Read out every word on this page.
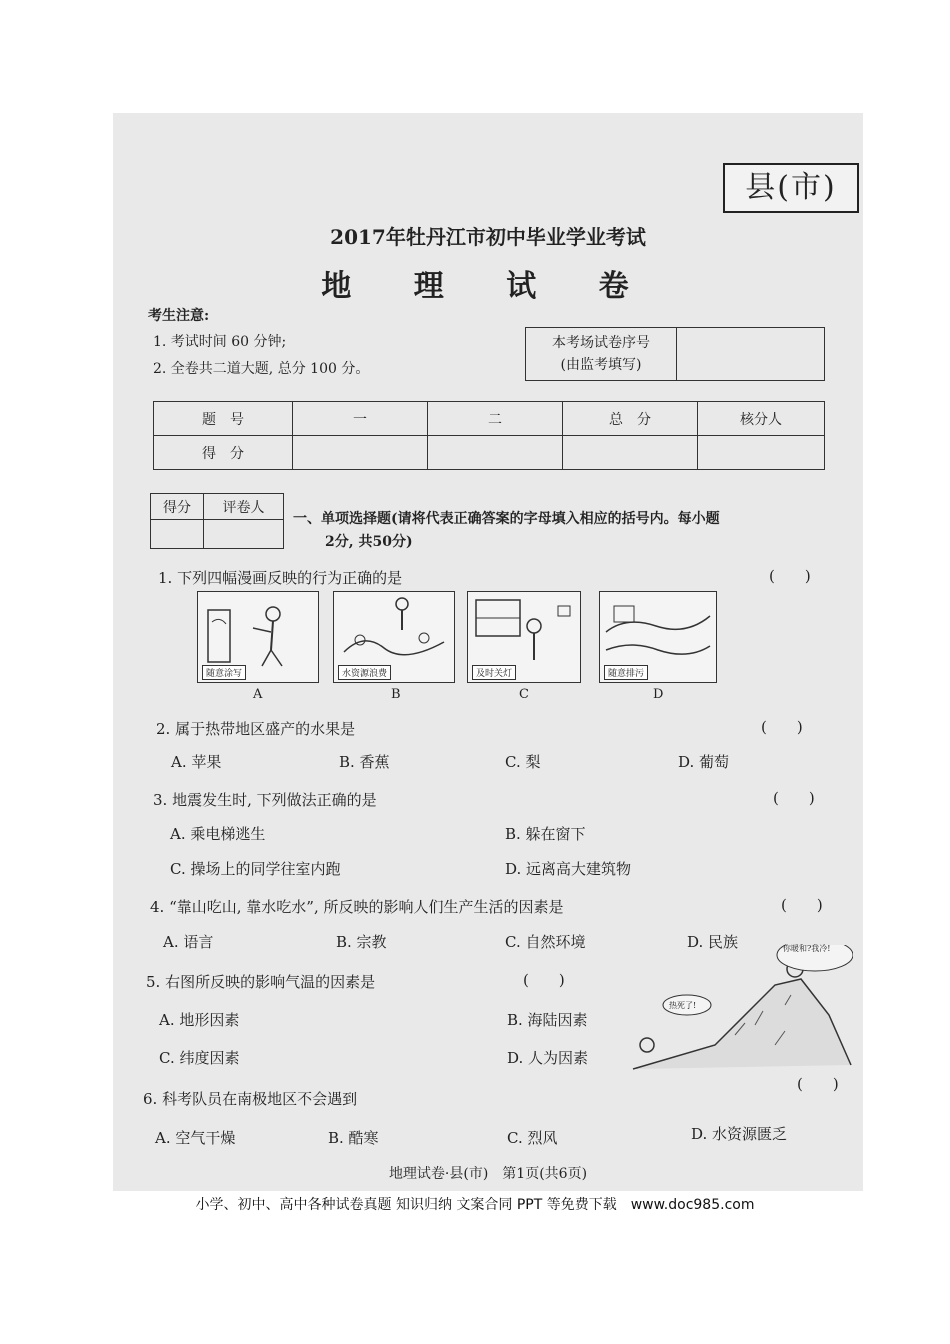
县(市)
2017年牡丹江市初中毕业学业考试
地 理 试 卷
考生注意:
1. 考试时间 60 分钟;
2. 全卷共二道大题, 总分 100 分。
本考场试卷序号
(由监考填写)

题　号	一	二	总　分	核分人
得　分				
得分	评卷人

一、单项选择题(请将代表正确答案的字母填入相应的括号内。每小题
2分, 共50分)
1. 下列四幅漫画反映的行为正确的是	(　　)
随意涂写	水资源浪费	及时关灯	随意排污
A	B	C	D
2. 属于热带地区盛产的水果是	(　　)
A. 苹果	B. 香蕉	C. 梨	D. 葡萄
3. 地震发生时, 下列做法正确的是	(　　)
A. 乘电梯逃生	B. 躲在窗下
C. 操场上的同学往室内跑	D. 远离高大建筑物
4. “靠山吃山, 靠水吃水”, 所反映的影响人们生产生活的因素是	(　　)
A. 语言	B. 宗教	C. 自然环境	D. 民族
5. 右图所反映的影响气温的因素是	(　　)
A. 地形因素	B. 海陆因素
C. 纬度因素	D. 人为因素
你暖和?我冷!
热死了!
6. 科考队员在南极地区不会遇到
(　　)
A. 空气干燥	B. 酷寒	C. 烈风	D. 水资源匮乏
地理试卷·县(市)　第1页(共6页)
小学、初中、高中各种试卷真题 知识归纳 文案合同 PPT 等免费下载　www.doc985.com
